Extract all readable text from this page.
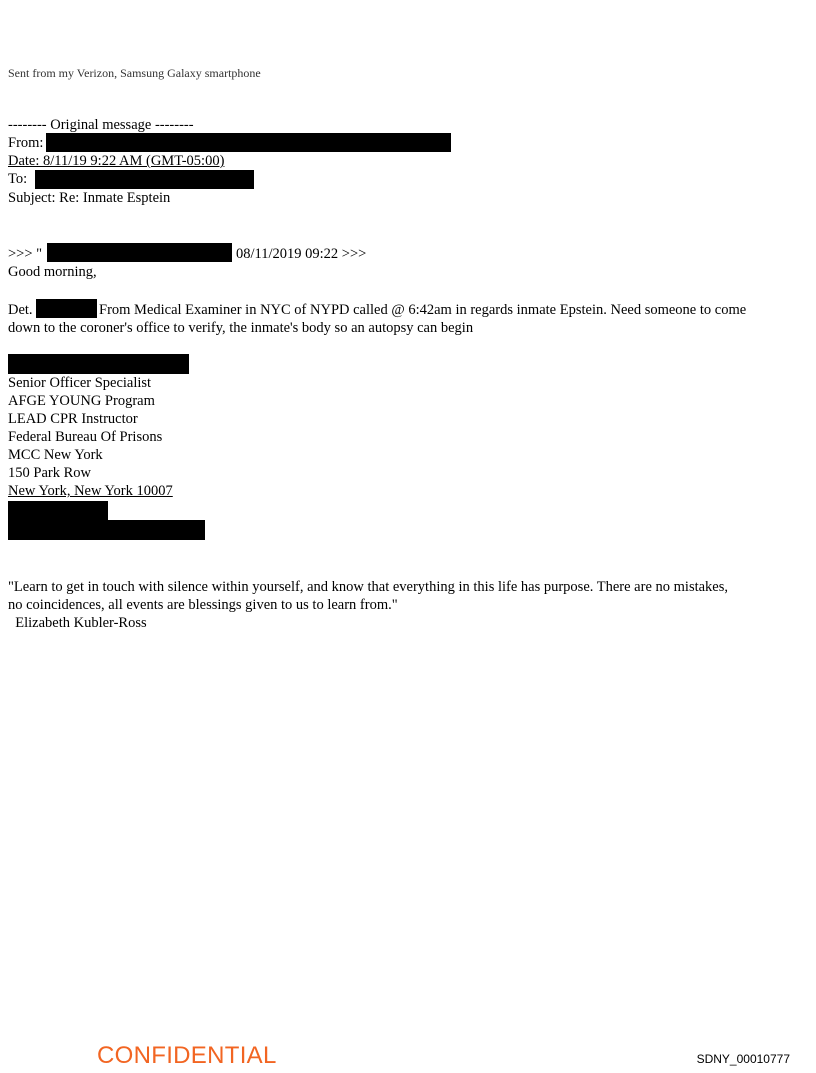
Sent from my Verizon, Samsung Galaxy smartphone
-------- Original message --------
From:
Date: 8/11/19 9:22 AM (GMT-05:00)
To:
Subject: Re: Inmate Esptein
>>> "	08/11/2019 09:22 >>>
Good morning,
Det.	From Medical Examiner in NYC of NYPD called @ 6:42am in regards inmate Epstein. Need someone to come
down to the coroner's office to verify, the inmate's body so an autopsy can begin
Senior Officer Specialist
AFGE YOUNG Program
LEAD CPR Instructor
Federal Bureau Of Prisons
MCC New York
150 Park Row
New York, New York 10007
"Learn to get in touch with silence within yourself, and know that everything in this life has purpose. There are no mistakes,
no coincidences, all events are blessings given to us to learn from."
Elizabeth Kubler-Ross
CONFIDENTIAL	SDNY_00010777
